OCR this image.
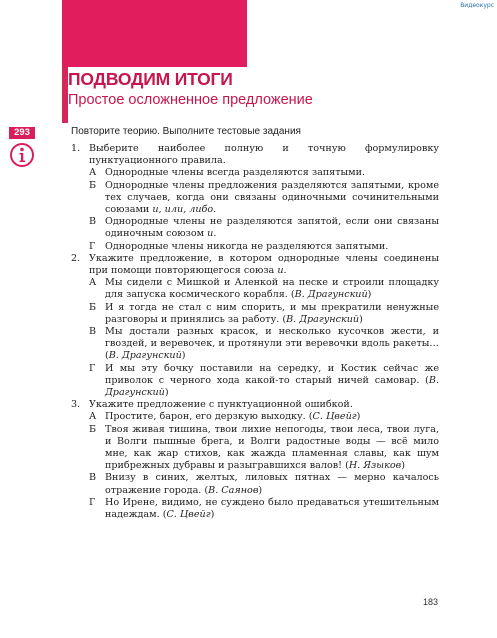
Видеокурс
ПОДВОДИМ ИТОГИ
Простое осложненное предложение
293	Повторите теорию. Выполните тестовые задания
1. Выберите наиболее полную и точную формулировку пунктуационного правила.
А Однородные члены всегда разделяются запятыми.
Б Однородные члены предложения разделяются запятыми, кроме тех случаев, когда они связаны одиночными сочинительными союзами и, или, либо.
В Однородные члены не разделяются запятой, если они связаны одиночным союзом и.
Г Однородные члены никогда не разделяются запятыми.
2. Укажите предложение, в котором однородные члены соединены при помощи повторяющегося союза и.
А Мы сидели с Мишкой и Аленкой на песке и строили площадку для запуска космического корабля. (В. Драгунский)
Б И я тогда не стал с ним спорить, и мы прекратили ненужные разговоры и принялись за работу. (В. Драгунский)
В Мы достали разных красок, и несколько кусочков жести, и гвоздей, и веревочек, и протянули эти веревочки вдоль ракеты… (В. Драгунский)
Г И мы эту бочку поставили на середку, и Костик сейчас же приволок с черного хода какой-то старый ничей самовар. (В. Драгунский)
3. Укажите предложение с пунктуационной ошибкой.
А Простите, барон, его дерзкую выходку. (С. Цвейг)
Б Твоя живая тишина, твои лихие непогоды, твои леса, твои луга, и Волги пышные брега, и Волги радостные воды — всё мило мне, как жар стихов, как жажда пламенная славы, как шум прибрежных дубравы и разыгравшихся валов! (Н. Языков)
В Внизу в синих, желтых, лиловых пятнах — мерно качалось отражение города. (В. Саянов)
Г Но Ирене, видимо, не суждено было предаваться утешительным надеждам. (С. Цвейг)
183
